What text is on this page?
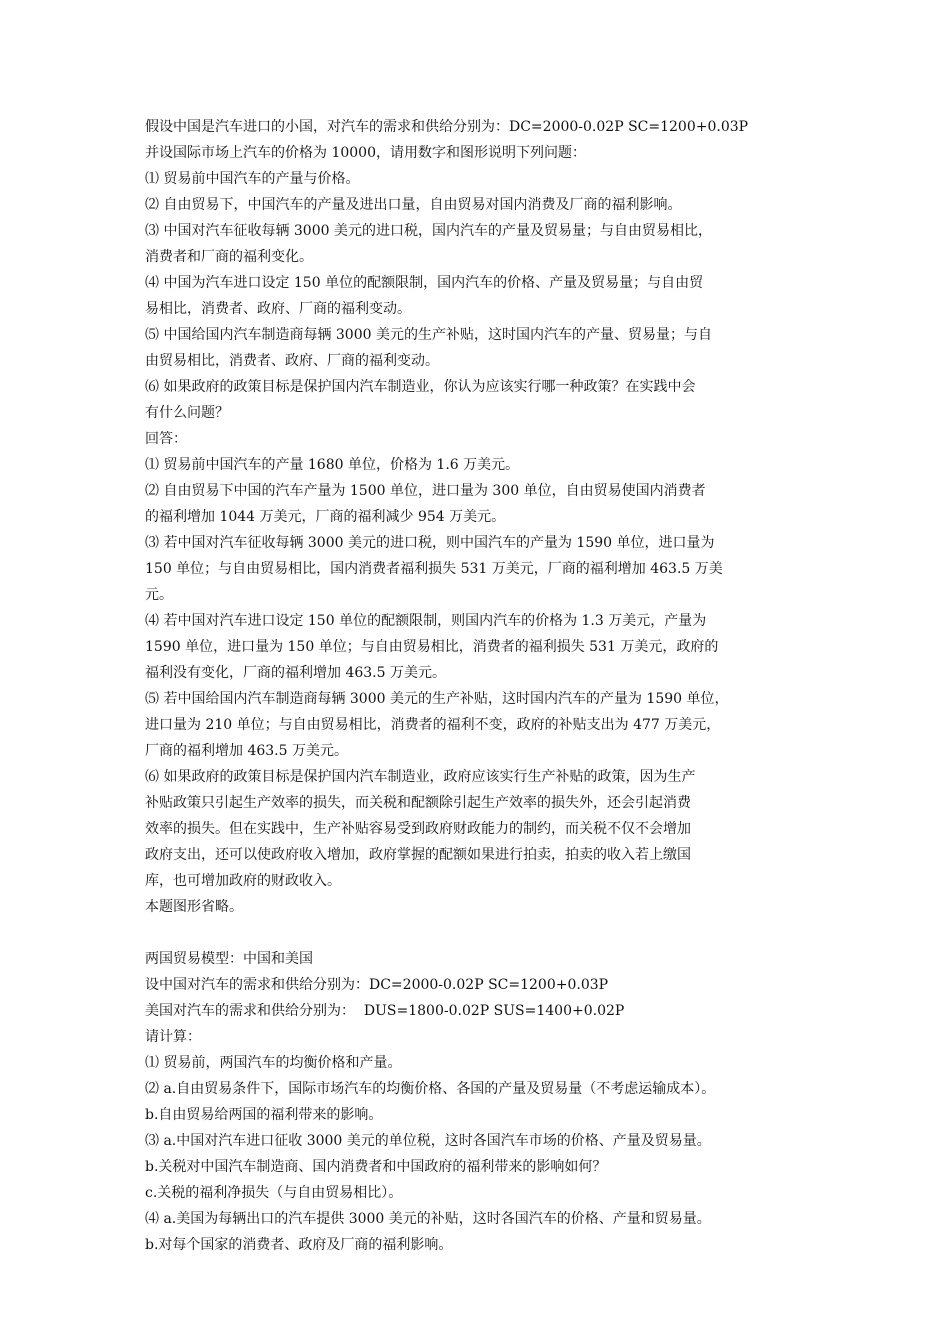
假设中国是汽车进口的小国，对汽车的需求和供给分别为：DC=2000-0.02P SC=1200+0.03P
并设国际市场上汽车的价格为 10000，请用数字和图形说明下列问题：
⑴ 贸易前中国汽车的产量与价格。
⑵ 自由贸易下，中国汽车的产量及进出口量，自由贸易对国内消费及厂商的福利影响。
⑶ 中国对汽车征收每辆 3000 美元的进口税，国内汽车的产量及贸易量；与自由贸易相比，
消费者和厂商的福利变化。
⑷ 中国为汽车进口设定 150 单位的配额限制，国内汽车的价格、产量及贸易量；与自由贸
易相比，消费者、政府、厂商的福利变动。
⑸ 中国给国内汽车制造商每辆 3000 美元的生产补贴，这时国内汽车的产量、贸易量；与自
由贸易相比，消费者、政府、厂商的福利变动。
⑹ 如果政府的政策目标是保护国内汽车制造业，你认为应该实行哪一种政策？在实践中会
有什么问题？
回答：
⑴ 贸易前中国汽车的产量 1680 单位，价格为 1.6 万美元。
⑵ 自由贸易下中国的汽车产量为 1500 单位，进口量为 300 单位，自由贸易使国内消费者
的福利增加 1044 万美元，厂商的福利减少 954 万美元。
⑶ 若中国对汽车征收每辆 3000 美元的进口税，则中国汽车的产量为 1590 单位，进口量为
150 单位；与自由贸易相比，国内消费者福利损失 531 万美元，厂商的福利增加 463.5 万美
元。
⑷ 若中国对汽车进口设定 150 单位的配额限制，则国内汽车的价格为 1.3 万美元，产量为
1590 单位，进口量为 150 单位；与自由贸易相比，消费者的福利损失 531 万美元，政府的
福利没有变化，厂商的福利增加 463.5 万美元。
⑸ 若中国给国内汽车制造商每辆 3000 美元的生产补贴，这时国内汽车的产量为 1590 单位，
进口量为 210 单位；与自由贸易相比，消费者的福利不变，政府的补贴支出为 477 万美元，
厂商的福利增加 463.5 万美元。
⑹ 如果政府的政策目标是保护国内汽车制造业，政府应该实行生产补贴的政策，因为生产
补贴政策只引起生产效率的损失，而关税和配额除引起生产效率的损失外，还会引起消费
效率的损失。但在实践中，生产补贴容易受到政府财政能力的制约，而关税不仅不会增加
政府支出，还可以使政府收入增加，政府掌握的配额如果进行拍卖，拍卖的收入若上缴国
库，也可增加政府的财政收入。
本题图形省略。
两国贸易模型：中国和美国
设中国对汽车的需求和供给分别为：DC=2000-0.02P SC=1200+0.03P
美国对汽车的需求和供给分别为：  DUS=1800-0.02P SUS=1400+0.02P
请计算：
⑴ 贸易前，两国汽车的均衡价格和产量。
⑵ a.自由贸易条件下，国际市场汽车的均衡价格、各国的产量及贸易量（不考虑运输成本）。
b.自由贸易给两国的福利带来的影响。
⑶ a.中国对汽车进口征收 3000 美元的单位税，这时各国汽车市场的价格、产量及贸易量。
b.关税对中国汽车制造商、国内消费者和中国政府的福利带来的影响如何？
c.关税的福利净损失（与自由贸易相比）。
⑷ a.美国为每辆出口的汽车提供 3000 美元的补贴，这时各国汽车的价格、产量和贸易量。
b.对每个国家的消费者、政府及厂商的福利影响。
